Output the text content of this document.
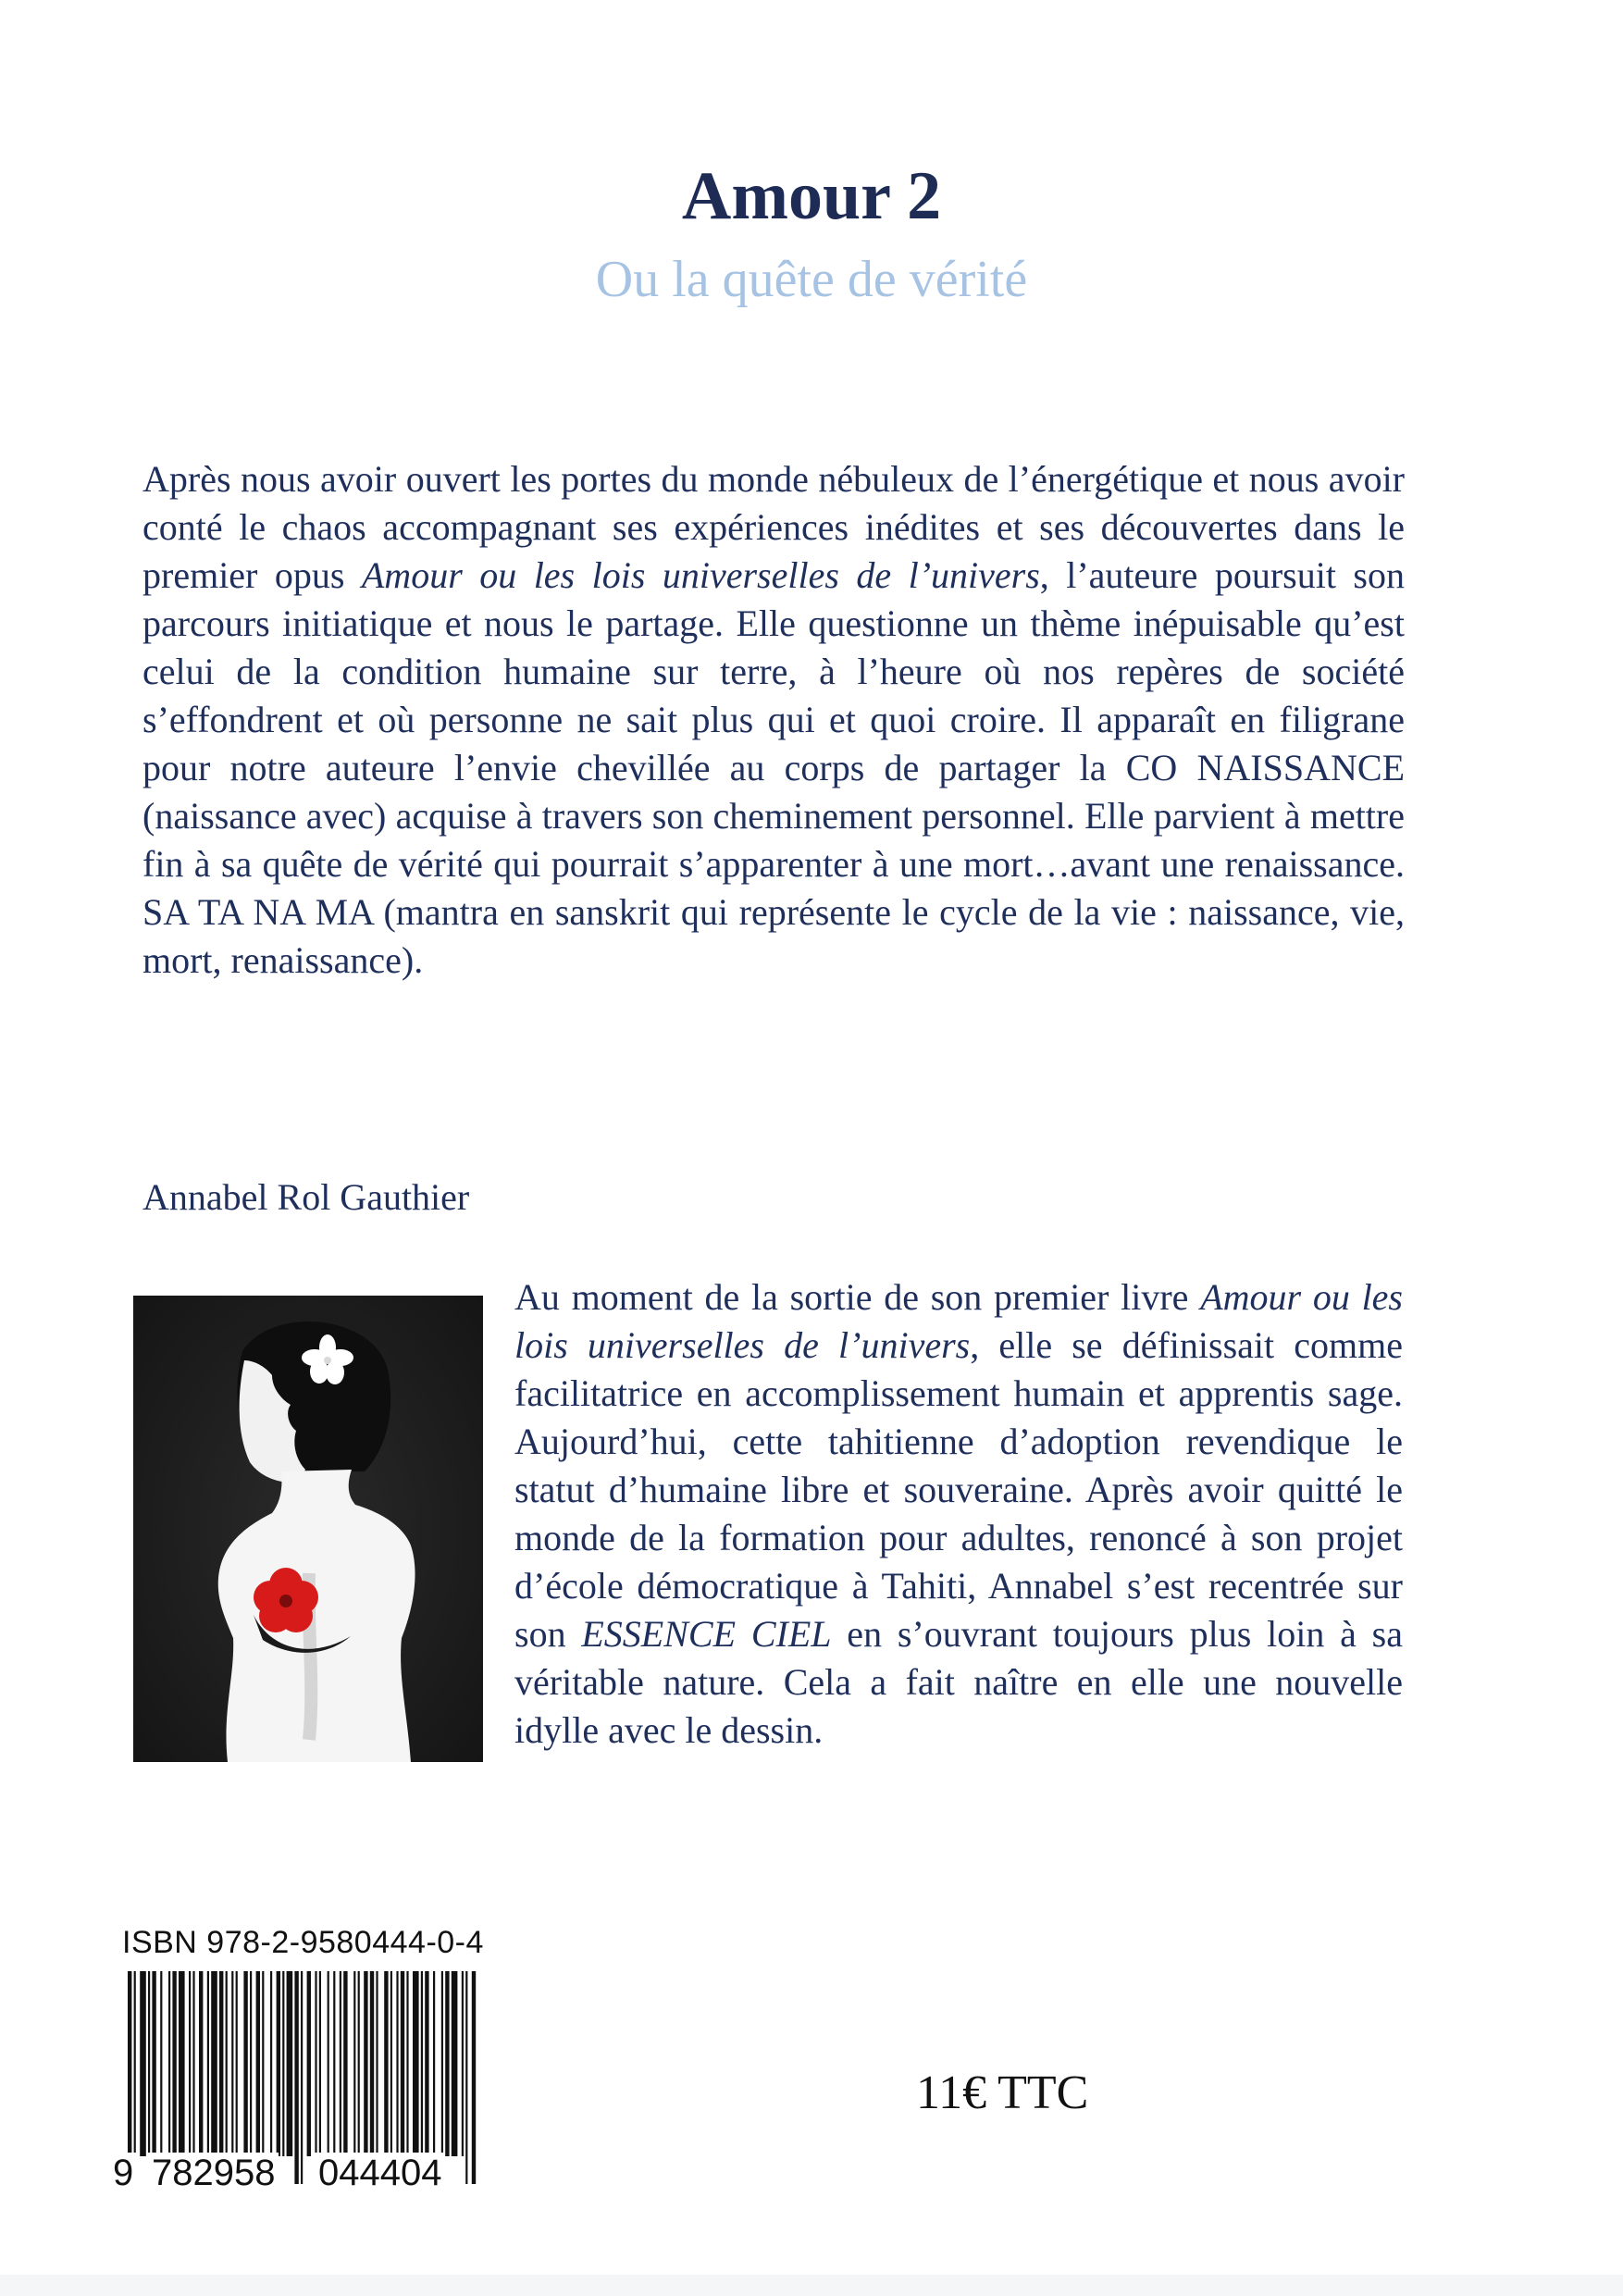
Amour 2
Ou la quête de vérité
Après nous avoir ouvert les portes du monde nébuleux de l’énergétique et nous avoir conté le chaos accompagnant ses expériences inédites et ses découvertes dans le premier opus Amour ou les lois universelles de l’univers, l’auteure poursuit son parcours initiatique et nous le partage. Elle questionne un thème inépuisable qu’est celui de la condition humaine sur terre, à l’heure où nos repères de société s’effondrent et où personne ne sait plus qui et quoi croire. Il apparaît en filigrane pour notre auteure l’envie chevillée au corps de partager la CO NAISSANCE (naissance avec) acquise à travers son cheminement personnel. Elle parvient à mettre fin à sa quête de vérité qui pourrait s’apparenter à une mort…avant une renaissance. SA TA NA MA (mantra en sanskrit qui représente le cycle de la vie : naissance, vie, mort, renaissance).
Annabel Rol Gauthier
Au moment de la sortie de son premier livre Amour ou les lois universelles de l’univers, elle se définissait comme facilitatrice en accomplissement humain et apprentis sage. Aujourd’hui, cette tahitienne d’adoption revendique le statut d’humaine libre et souveraine. Après avoir quitté le monde de la formation pour adultes, renoncé à son projet d’école démocratique à Tahiti, Annabel s’est recentrée sur son ESSENCE CIEL en s’ouvrant toujours plus loin à sa véritable nature. Cela a fait naître en elle une nouvelle idylle avec le dessin.
ISBN 978-2-9580444-0-4
9 782958 044404
11€ TTC
